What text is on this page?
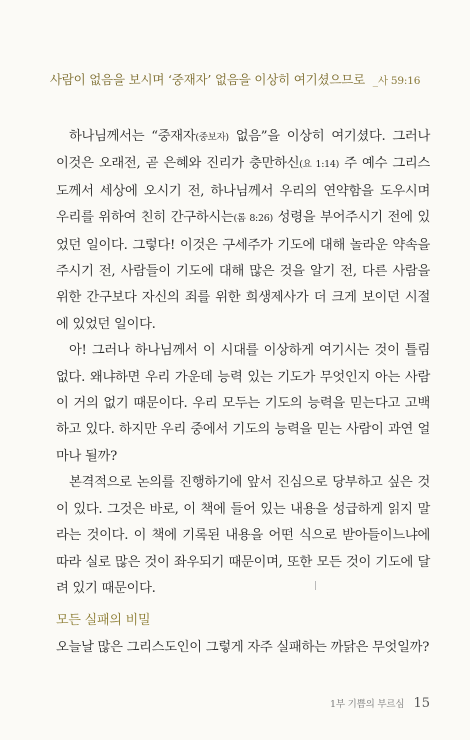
사람이 없음을 보시며 ‘중재자’ 없음을 이상히 여기셨으므로 _사 59:16

하나님께서는 “중재자(중보자) 없음”을 이상히 여기셨다. 그러나 이것은 오래전, 곧 은혜와 진리가 충만하신(요 1:14) 주 예수 그리스도께서 세상에 오시기 전, 하나님께서 우리의 연약함을 도우시며 우리를 위하여 친히 간구하시는(롬 8:26) 성령을 부어주시기 전에 있었던 일이다. 그렇다! 이것은 구세주가 기도에 대해 놀라운 약속을 주시기 전, 사람들이 기도에 대해 많은 것을 알기 전, 다른 사람을 위한 간구보다 자신의 죄를 위한 희생제사가 더 크게 보이던 시절에 있었던 일이다.

아! 그러나 하나님께서 이 시대를 이상하게 여기시는 것이 틀림없다. 왜냐하면 우리 가운데 능력 있는 기도가 무엇인지 아는 사람이 거의 없기 때문이다. 우리 모두는 기도의 능력을 믿는다고 고백하고 있다. 하지만 우리 중에서 기도의 능력을 믿는 사람이 과연 얼마나 될까?

본격적으로 논의를 진행하기에 앞서 진심으로 당부하고 싶은 것이 있다. 그것은 바로, 이 책에 들어 있는 내용을 성급하게 읽지 말라는 것이다. 이 책에 기록된 내용을 어떤 식으로 받아들이느냐에 따라 실로 많은 것이 좌우되기 때문이며, 또한 모든 것이 기도에 달려 있기 때문이다.

모든 실패의 비밀
오늘날 많은 그리스도인이 그렇게 자주 실패하는 까닭은 무엇일까?
1부 기쁨의 부르심 15
